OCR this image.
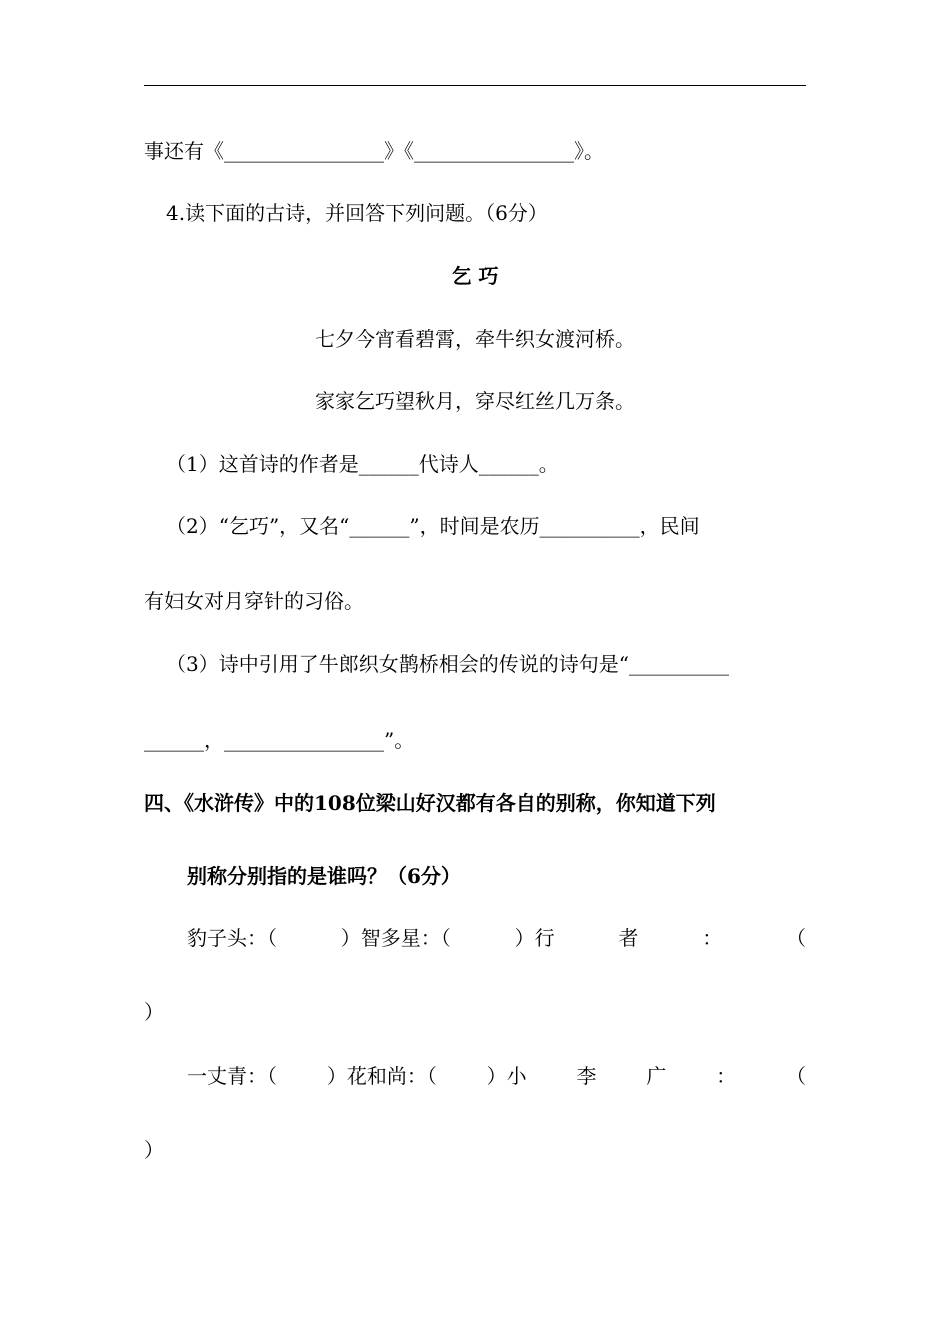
事还有《________________》《________________》。
4.读下面的古诗，并回答下列问题。（6分）
乞 巧
七夕今宵看碧霄，牵牛织女渡河桥。
家家乞巧望秋月，穿尽红丝几万条。
（1）这首诗的作者是______代诗人______。
（2）“乞巧”，又名“______”，时间是农历__________，民间
有妇女对月穿针的习俗。
（3）诗中引用了牛郎织女鹊桥相会的传说的诗句是“__________
______，________________”。
四、《水浒传》中的108位梁山好汉都有各自的别称，你知道下列
别称分别指的是谁吗？（6分）
豹子头：（	）智多星：（	）行	者	：	（
）
一丈青：（ ）花和尚：（ ）小 李 广 ： （
）
